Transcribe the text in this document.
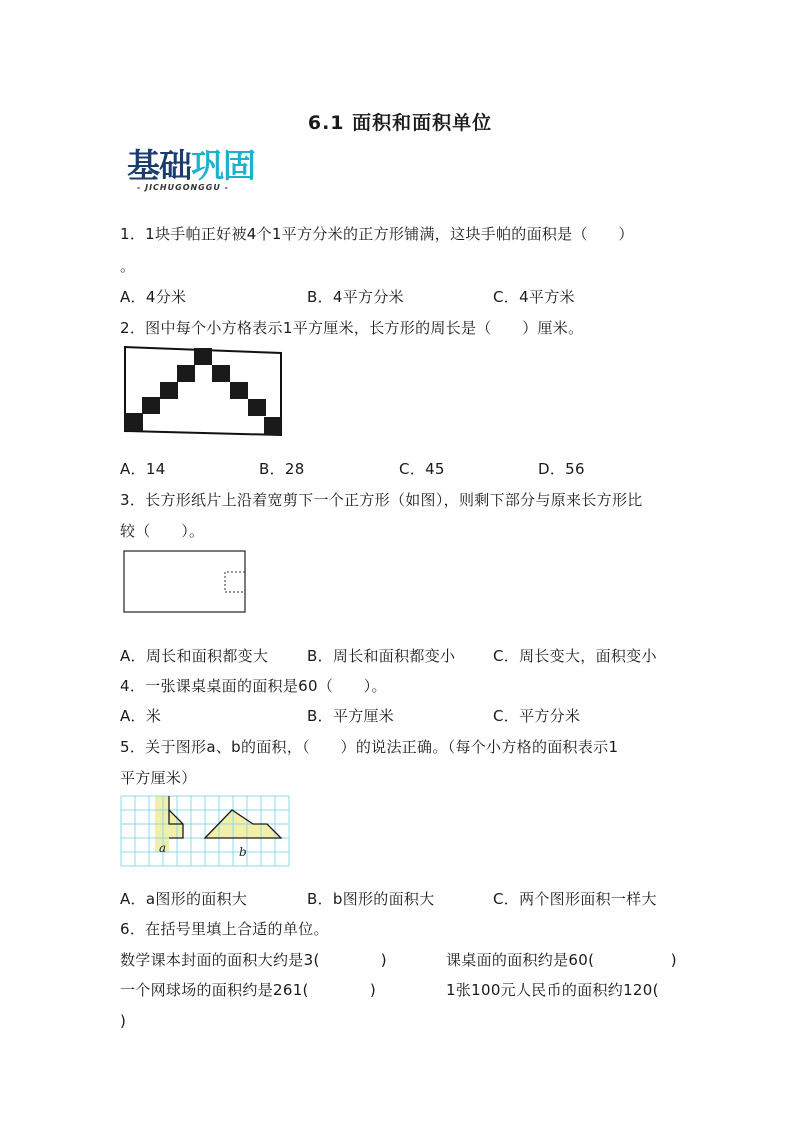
6.1 面积和面积单位
基础巩固
- JICHUGONGGU -
1．1块手帕正好被4个1平方分米的正方形铺满，这块手帕的面积是（　　）
。
A．4分米	B．4平方分米	C．4平方米
2．图中每个小方格表示1平方厘米，长方形的周长是（　　）厘米。
A．14	B．28	C．45	D．56
3．长方形纸片上沿着宽剪下一个正方形（如图），则剩下部分与原来长方形比
较（　　）。
A．周长和面积都变大	B．周长和面积都变小	C．周长变大，面积变小
4．一张课桌桌面的面积是60（　　）。
A．米	B．平方厘米	C．平方分米
5．关于图形a、b的面积，（　　）的说法正确。（每个小方格的面积表示1
平方厘米）
a	b
A．a图形的面积大	B．b图形的面积大	C．两个图形面积一样大
6．在括号里填上合适的单位。
数学课本封面的面积大约是3(　　　　)	课桌面的面积约是60(　　　　　)
一个网球场的面积约是261(　　　　)	1张100元人民币的面积约120(
)
